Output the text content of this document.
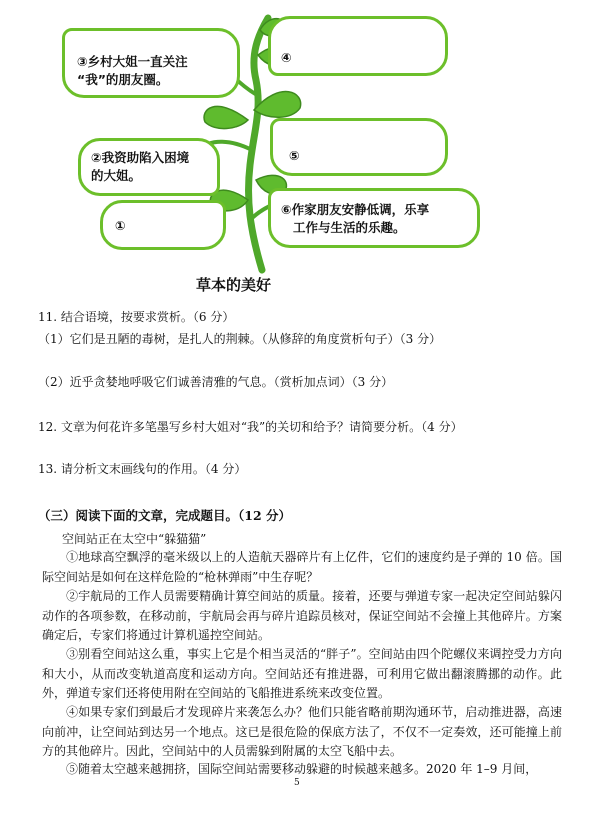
③乡村大姐一直关注
“我”的朋友圈。
④
②我资助陷入困境
的大姐。
⑤
①
⑥作家朋友安静低调，乐享
工作与生活的乐趣。
草本的美好
11. 结合语境，按要求赏析。（6 分）
（1）它们是丑陋的毒树，是扎人的荆棘。（从修辞的角度赏析句子）（3 分）
（2）近乎贪婪地呼吸它们诚善清雅的气息。（赏析加点词）（3 分）
12. 文章为何花许多笔墨写乡村大姐对“我”的关切和给予？请简要分析。（4 分）
13. 请分析文末画线句的作用。（4 分）
（三）阅读下面的文章，完成题目。（12 分）
空间站正在太空中“躲猫猫”
①地球高空飘浮的毫米级以上的人造航天器碎片有上亿件，它们的速度约是子弹的 10 倍。国际空间站是如何在这样危险的“枪林弹雨”中生存呢？
②宇航局的工作人员需要精确计算空间站的质量。接着，还要与弹道专家一起决定空间站躲闪动作的各项参数，在移动前，宇航局会再与碎片追踪员核对，保证空间站不会撞上其他碎片。方案确定后，专家们将通过计算机遥控空间站。
③别看空间站这么重，事实上它是个相当灵活的“胖子”。空间站由四个陀螺仪来调控受力方向和大小，从而改变轨道高度和运动方向。空间站还有推进器，可利用它做出翻滚腾挪的动作。此外，弹道专家们还将使用附在空间站的飞船推进系统来改变位置。
④如果专家们到最后才发现碎片来袭怎么办？他们只能省略前期沟通环节，启动推进器，高速向前冲，让空间站到达另一个地点。这已是很危险的保底方法了，不仅不一定奏效，还可能撞上前方的其他碎片。因此，空间站中的人员需躲到附属的太空飞船中去。
⑤随着太空越来越拥挤，国际空间站需要移动躲避的时候越来越多。2020 年 1–9 月间，
5
